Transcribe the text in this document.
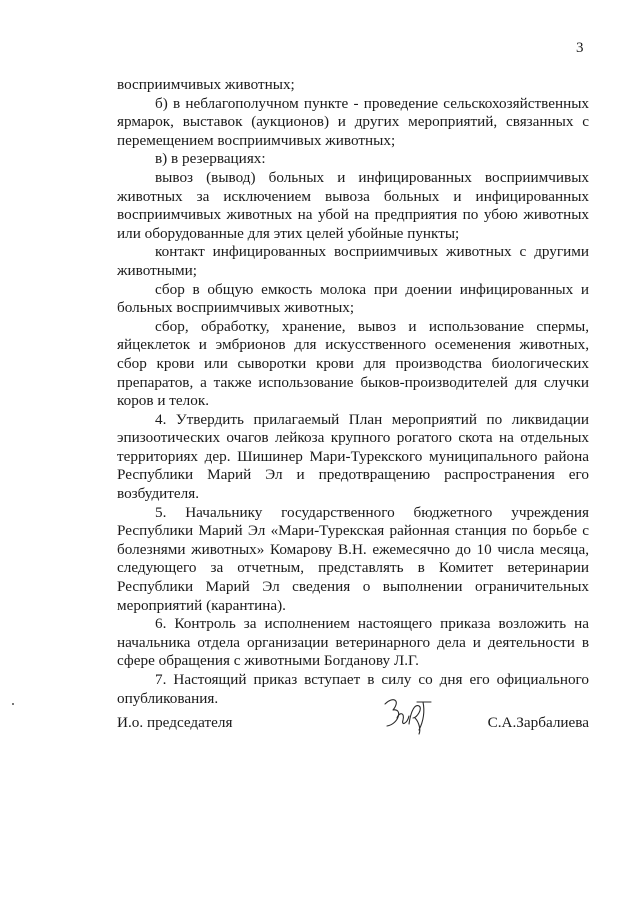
3

восприимчивых животных;

б) в неблагополучном пункте - проведение сельскохозяйственных ярмарок, выставок (аукционов) и других мероприятий, связанных с перемещением восприимчивых животных;

в) в резервациях:

вывоз (вывод) больных и инфицированных восприимчивых животных за исключением вывоза больных и инфицированных восприимчивых животных на убой на предприятия по убою животных или оборудованные для этих целей убойные пункты;

контакт инфицированных восприимчивых животных с другими животными;

сбор в общую емкость молока при доении инфицированных и больных восприимчивых животных;

сбор, обработку, хранение, вывоз и использование спермы, яйцеклеток и эмбрионов для искусственного осеменения животных, сбор крови или сыворотки крови для производства биологических препаратов, а также использование быков-производителей для случки коров и телок.

4. Утвердить прилагаемый План мероприятий по ликвидации эпизоотических очагов лейкоза крупного рогатого скота на отдельных территориях дер. Шишинер Мари-Турекского муниципального района Республики Марий Эл и предотвращению распространения его возбудителя.

5. Начальнику государственного бюджетного учреждения Республики Марий Эл «Мари-Турекская районная станция по борьбе с болезнями животных» Комарову В.Н. ежемесячно до 10 числа месяца, следующего за отчетным, представлять в Комитет ветеринарии Республики Марий Эл сведения о выполнении ограничительных мероприятий (карантина).

6. Контроль за исполнением настоящего приказа возложить на начальника отдела организации ветеринарного дела и деятельности в сфере обращения с животными Богданову Л.Г.

7. Настоящий приказ вступает в силу со дня его официального опубликования.

И.о. председателя	С.А.Зарбалиева
